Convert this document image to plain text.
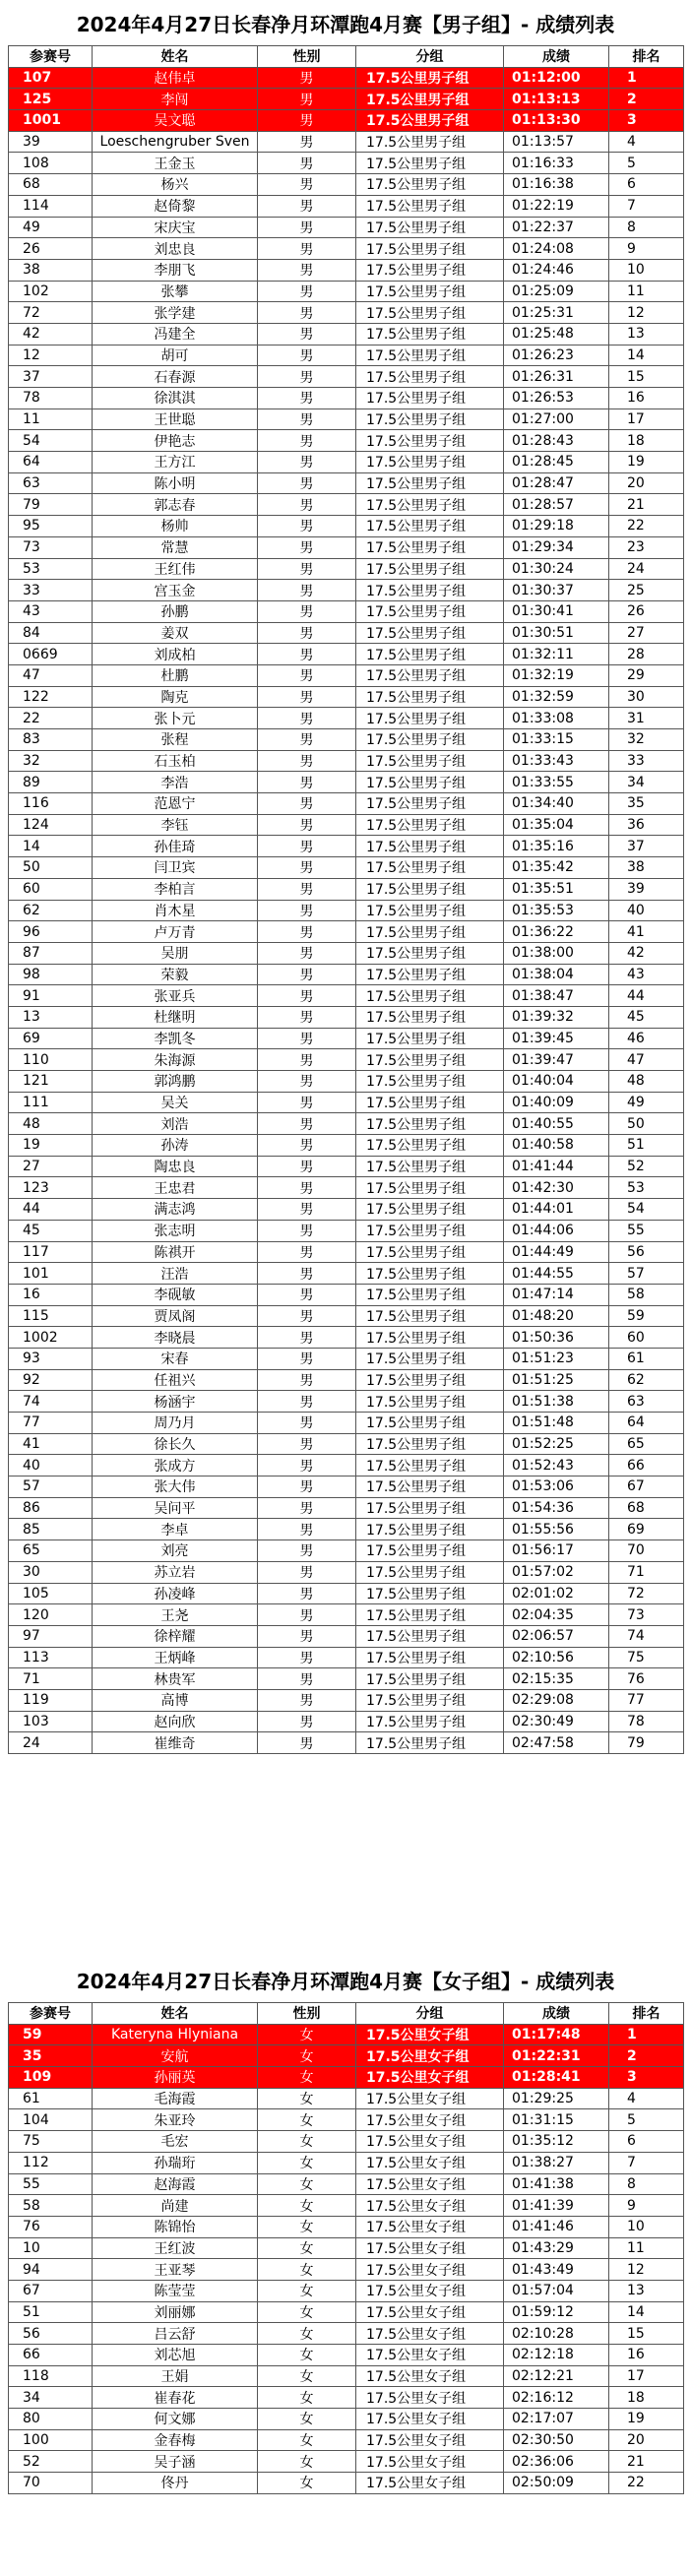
2024年4月27日长春净月环潭跑4月赛【男子组】- 成绩列表
参赛号	姓名	性别	分组	成绩	排名
107	赵伟卓	男	17.5公里男子组	01:12:00	1
125	李闯	男	17.5公里男子组	01:13:13	2
1001	吴文聪	男	17.5公里男子组	01:13:30	3
39	Loeschengruber Sven	男	17.5公里男子组	01:13:57	4
108	王金玉	男	17.5公里男子组	01:16:33	5
68	杨兴	男	17.5公里男子组	01:16:38	6
114	赵倚黎	男	17.5公里男子组	01:22:19	7
49	宋庆宝	男	17.5公里男子组	01:22:37	8
26	刘忠良	男	17.5公里男子组	01:24:08	9
38	李朋飞	男	17.5公里男子组	01:24:46	10
102	张攀	男	17.5公里男子组	01:25:09	11
72	张学建	男	17.5公里男子组	01:25:31	12
42	冯建全	男	17.5公里男子组	01:25:48	13
12	胡可	男	17.5公里男子组	01:26:23	14
37	石春源	男	17.5公里男子组	01:26:31	15
78	徐淇淇	男	17.5公里男子组	01:26:53	16
11	王世聪	男	17.5公里男子组	01:27:00	17
54	伊艳志	男	17.5公里男子组	01:28:43	18
64	王方江	男	17.5公里男子组	01:28:45	19
63	陈小明	男	17.5公里男子组	01:28:47	20
79	郭志春	男	17.5公里男子组	01:28:57	21
95	杨帅	男	17.5公里男子组	01:29:18	22
73	常慧	男	17.5公里男子组	01:29:34	23
53	王红伟	男	17.5公里男子组	01:30:24	24
33	宫玉金	男	17.5公里男子组	01:30:37	25
43	孙鹏	男	17.5公里男子组	01:30:41	26
84	姜双	男	17.5公里男子组	01:30:51	27
0669	刘成柏	男	17.5公里男子组	01:32:11	28
47	杜鹏	男	17.5公里男子组	01:32:19	29
122	陶克	男	17.5公里男子组	01:32:59	30
22	张卜元	男	17.5公里男子组	01:33:08	31
83	张程	男	17.5公里男子组	01:33:15	32
32	石玉柏	男	17.5公里男子组	01:33:43	33
89	李浩	男	17.5公里男子组	01:33:55	34
116	范恩宁	男	17.5公里男子组	01:34:40	35
124	李钰	男	17.5公里男子组	01:35:04	36
14	孙佳琦	男	17.5公里男子组	01:35:16	37
50	闫卫宾	男	17.5公里男子组	01:35:42	38
60	李柏言	男	17.5公里男子组	01:35:51	39
62	肖木星	男	17.5公里男子组	01:35:53	40
96	卢万青	男	17.5公里男子组	01:36:22	41
87	吴朋	男	17.5公里男子组	01:38:00	42
98	荣毅	男	17.5公里男子组	01:38:04	43
91	张亚兵	男	17.5公里男子组	01:38:47	44
13	杜继明	男	17.5公里男子组	01:39:32	45
69	李凯冬	男	17.5公里男子组	01:39:45	46
110	朱海源	男	17.5公里男子组	01:39:47	47
121	郭鸿鹏	男	17.5公里男子组	01:40:04	48
111	吴关	男	17.5公里男子组	01:40:09	49
48	刘浩	男	17.5公里男子组	01:40:55	50
19	孙涛	男	17.5公里男子组	01:40:58	51
27	陶忠良	男	17.5公里男子组	01:41:44	52
123	王忠君	男	17.5公里男子组	01:42:30	53
44	满志鸿	男	17.5公里男子组	01:44:01	54
45	张志明	男	17.5公里男子组	01:44:06	55
117	陈祺开	男	17.5公里男子组	01:44:49	56
101	汪浩	男	17.5公里男子组	01:44:55	57
16	李砚敏	男	17.5公里男子组	01:47:14	58
115	贾凤阁	男	17.5公里男子组	01:48:20	59
1002	李晓晨	男	17.5公里男子组	01:50:36	60
93	宋春	男	17.5公里男子组	01:51:23	61
92	任祖兴	男	17.5公里男子组	01:51:25	62
74	杨涵宇	男	17.5公里男子组	01:51:38	63
77	周乃月	男	17.5公里男子组	01:51:48	64
41	徐长久	男	17.5公里男子组	01:52:25	65
40	张成方	男	17.5公里男子组	01:52:43	66
57	张大伟	男	17.5公里男子组	01:53:06	67
86	吴问平	男	17.5公里男子组	01:54:36	68
85	李卓	男	17.5公里男子组	01:55:56	69
65	刘亮	男	17.5公里男子组	01:56:17	70
30	苏立岩	男	17.5公里男子组	01:57:02	71
105	孙凌峰	男	17.5公里男子组	02:01:02	72
120	王尧	男	17.5公里男子组	02:04:35	73
97	徐梓耀	男	17.5公里男子组	02:06:57	74
113	王炳峰	男	17.5公里男子组	02:10:56	75
71	林贵军	男	17.5公里男子组	02:15:35	76
119	高博	男	17.5公里男子组	02:29:08	77
103	赵向欣	男	17.5公里男子组	02:30:49	78
24	崔维奇	男	17.5公里男子组	02:47:58	79
2024年4月27日长春净月环潭跑4月赛【女子组】- 成绩列表
参赛号	姓名	性别	分组	成绩	排名
59	Kateryna Hlyniana	女	17.5公里女子组	01:17:48	1
35	安航	女	17.5公里女子组	01:22:31	2
109	孙丽英	女	17.5公里女子组	01:28:41	3
61	毛海霞	女	17.5公里女子组	01:29:25	4
104	朱亚玲	女	17.5公里女子组	01:31:15	5
75	毛宏	女	17.5公里女子组	01:35:12	6
112	孙瑞珩	女	17.5公里女子组	01:38:27	7
55	赵海霞	女	17.5公里女子组	01:41:38	8
58	尚建	女	17.5公里女子组	01:41:39	9
76	陈锦怡	女	17.5公里女子组	01:41:46	10
10	王红波	女	17.5公里女子组	01:43:29	11
94	王亚琴	女	17.5公里女子组	01:43:49	12
67	陈莹莹	女	17.5公里女子组	01:57:04	13
51	刘丽娜	女	17.5公里女子组	01:59:12	14
56	吕云舒	女	17.5公里女子组	02:10:28	15
66	刘芯旭	女	17.5公里女子组	02:12:18	16
118	王娟	女	17.5公里女子组	02:12:21	17
34	崔春花	女	17.5公里女子组	02:16:12	18
80	何文娜	女	17.5公里女子组	02:17:07	19
100	金春梅	女	17.5公里女子组	02:30:50	20
52	吴子涵	女	17.5公里女子组	02:36:06	21
70	佟丹	女	17.5公里女子组	02:50:09	22
